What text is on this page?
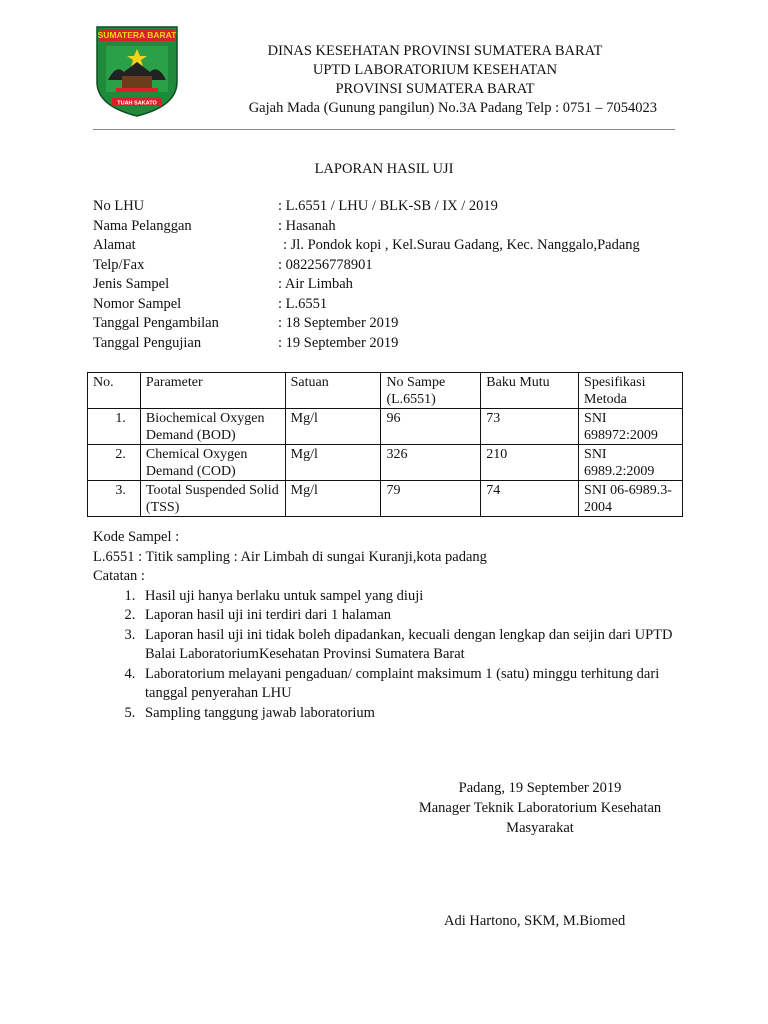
SUMATERA BARAT
TUAH SAKATO
DINAS KESEHATAN PROVINSI SUMATERA BARAT
UPTD LABORATORIUM KESEHATAN
PROVINSI SUMATERA BARAT
Gajah Mada (Gunung pangilun) No.3A Padang Telp : 0751 – 7054023
LAPORAN HASIL UJI
No LHU	: L.6551 / LHU / BLK-SB / IX / 2019
Nama Pelanggan	: Hasanah
Alamat	: Jl. Pondok kopi , Kel.Surau Gadang, Kec. Nanggalo,Padang
Telp/Fax	: 082256778901
Jenis Sampel	: Air Limbah
Nomor Sampel	: L.6551
Tanggal Pengambilan	: 18 September 2019
Tanggal Pengujian	: 19 September 2019
No.	Parameter	Satuan	No Sampe (L.6551)	Baku Mutu	Spesifikasi Metoda
1.	Biochemical Oxygen Demand (BOD)	Mg/l	96	73	SNI 698972:2009
2.	Chemical Oxygen Demand (COD)	Mg/l	326	210	SNI 6989.2:2009
3.	Tootal Suspended Solid (TSS)	Mg/l	79	74	SNI 06-6989.3-2004
Kode Sampel :
L.6551 : Titik sampling : Air Limbah di sungai Kuranji,kota padang
Catatan :
1. Hasil uji hanya berlaku untuk sampel yang diuji
2. Laporan hasil uji ini terdiri dari 1 halaman
3. Laporan hasil uji ini tidak boleh dipadankan, kecuali dengan lengkap dan seijin dari UPTD Balai LaboratoriumKesehatan Provinsi Sumatera Barat
4. Laboratorium melayani pengaduan/ complaint maksimum 1 (satu) minggu terhitung dari tanggal penyerahan LHU
5. Sampling tanggung jawab laboratorium
Padang, 19 September 2019
Manager Teknik Laboratorium Kesehatan
Masyarakat
Adi Hartono, SKM, M.Biomed
